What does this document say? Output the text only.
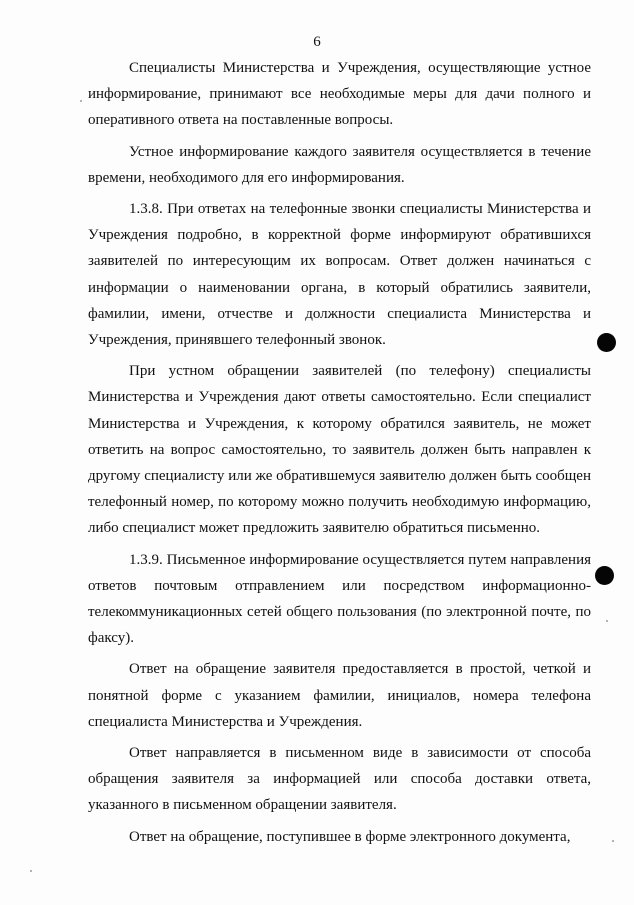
6

Специалисты Министерства и Учреждения, осуществляющие устное информирование, принимают все необходимые меры для дачи полного и оперативного ответа на поставленные вопросы.

Устное информирование каждого заявителя осуществляется в течение времени, необходимого для его информирования.

1.3.8. При ответах на телефонные звонки специалисты Министерства и Учреждения подробно, в корректной форме информируют обратившихся заявителей по интересующим их вопросам. Ответ должен начинаться с информации о наименовании органа, в который обратились заявители, фамилии, имени, отчестве и должности специалиста Министерства и Учреждения, принявшего телефонный звонок.

При устном обращении заявителей (по телефону) специалисты Министерства и Учреждения дают ответы самостоятельно. Если специалист Министерства и Учреждения, к которому обратился заявитель, не может ответить на вопрос самостоятельно, то заявитель должен быть направлен к другому специалисту или же обратившемуся заявителю должен быть сообщен телефонный номер, по которому можно получить необходимую информацию, либо специалист может предложить заявителю обратиться письменно.

1.3.9. Письменное информирование осуществляется путем направления ответов почтовым отправлением или посредством информационно-телекоммуникационных сетей общего пользования (по электронной почте, по факсу).

Ответ на обращение заявителя предоставляется в простой, четкой и понятной форме с указанием фамилии, инициалов, номера телефона специалиста Министерства и Учреждения.

Ответ направляется в письменном виде в зависимости от способа обращения заявителя за информацией или способа доставки ответа, указанного в письменном обращении заявителя.

Ответ на обращение, поступившее в форме электронного документа,
